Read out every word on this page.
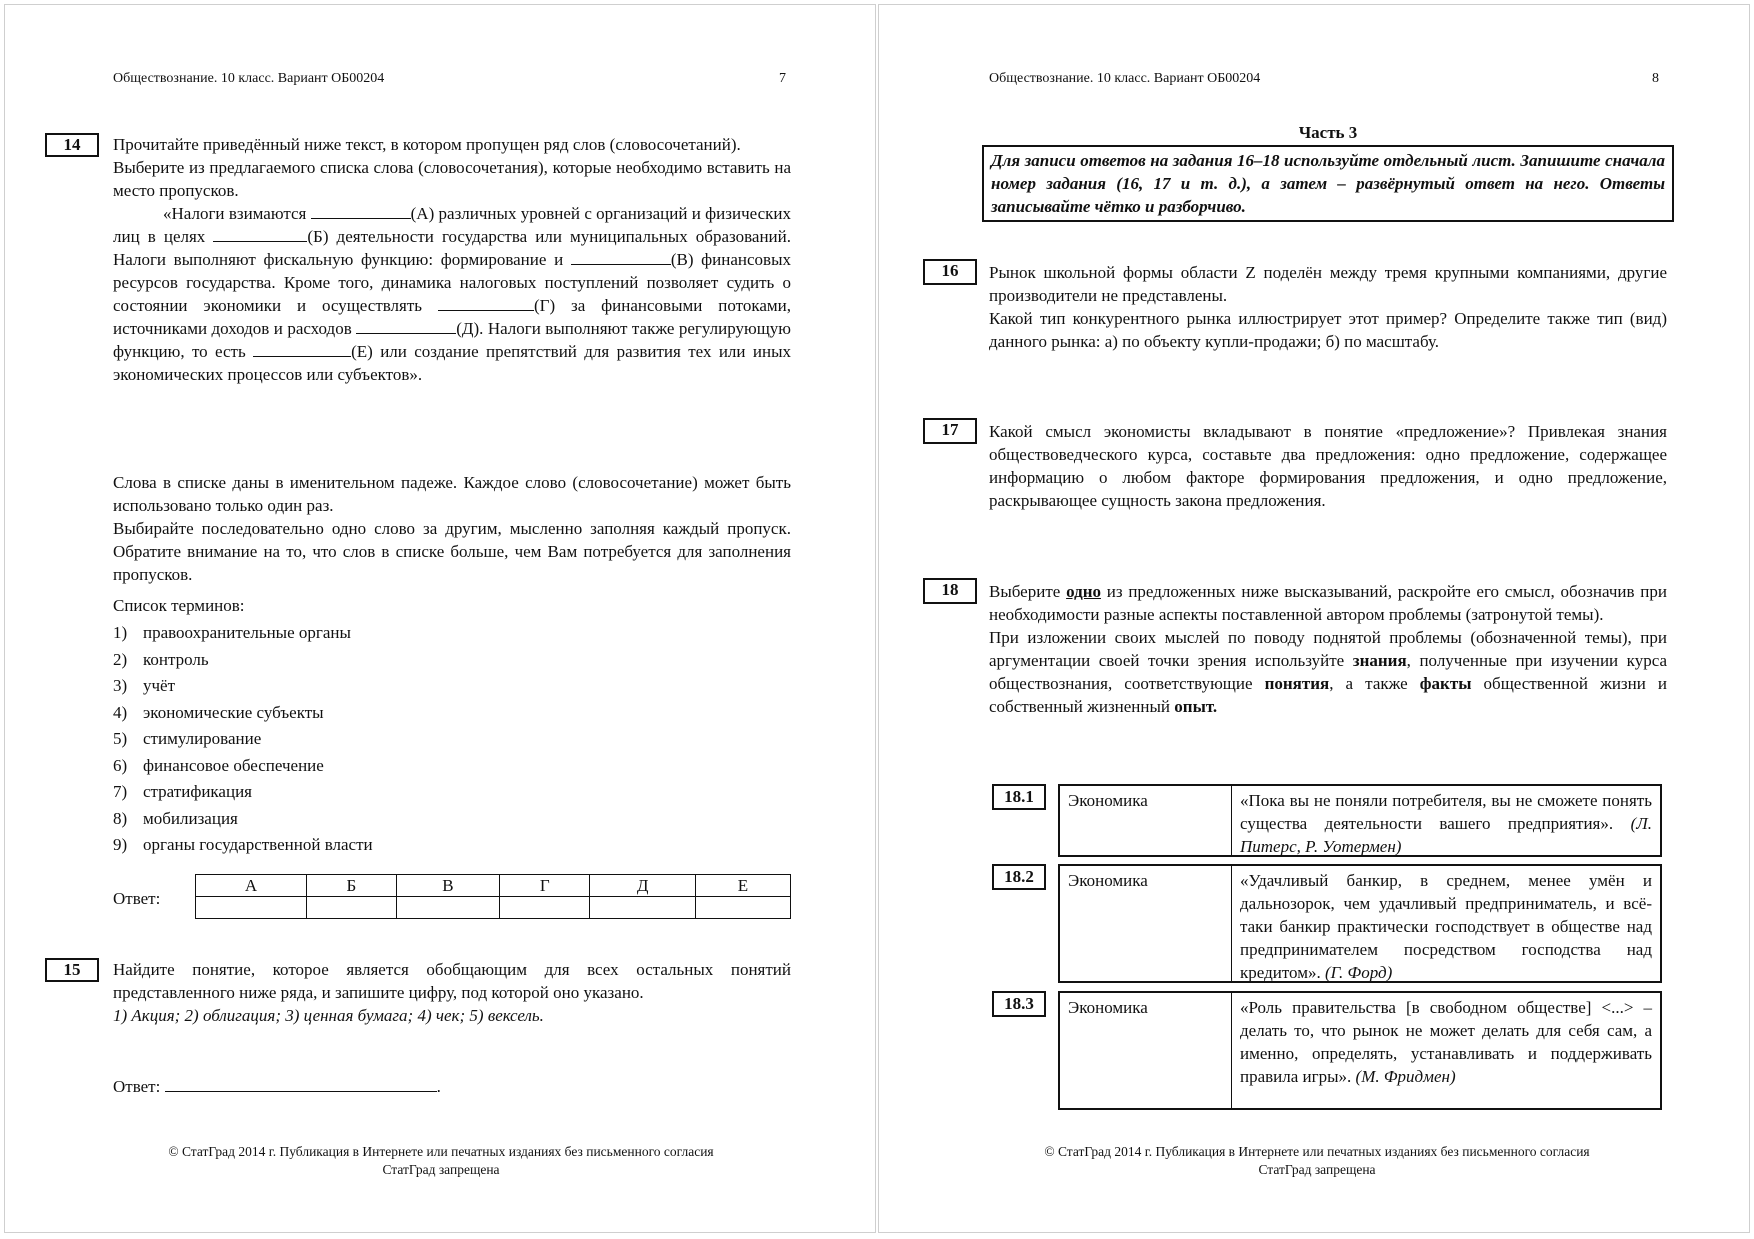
Обществознание. 10 класс. Вариант ОБ00204	7
14	Прочитайте приведённый ниже текст, в котором пропущен ряд слов (словосочетаний).

Выберите из предлагаемого списка слова (словосочетания), которые необходимо вставить на место пропусков.

«Налоги взимаются	(А) различных уровней с организаций и физических лиц в целях	(Б) деятельности государства или муниципальных образований. Налоги выполняют фискальную функцию: формирование и	(В) финансовых ресурсов государства. Кроме того, динамика налоговых поступлений позволяет судить о состоянии экономики и осуществлять	(Г) за финансовыми потоками, источниками доходов и расходов	(Д). Налоги выполняют также регулирующую функцию, то есть	(Е) или создание препятствий для развития тех или иных экономических процессов или субъектов».

Слова в списке даны в именительном падеже. Каждое слово (словосочетание) может быть использовано только один раз.

Выбирайте последовательно одно слово за другим, мысленно заполняя каждый пропуск. Обратите внимание на то, что слов в списке больше, чем Вам потребуется для заполнения пропусков.

Список терминов:
1) правоохранительные органы
2) контроль
3) учёт
4) экономические субъекты
5) стимулирование
6) финансовое обеспечение
7) стратификация
8) мобилизация
9) органы государственной власти
Ответ:
А	Б	В	Г	Д	Е

15	Найдите понятие, которое является обобщающим для всех остальных понятий представленного ниже ряда, и запишите цифру, под которой оно указано.

1) Акция; 2) облигация; 3) ценная бумага; 4) чек; 5) вексель.

Ответ:	.
© СтатГрад 2014 г. Публикация в Интернете или печатных изданиях без письменного согласия
СтатГрад запрещена
Обществознание. 10 класс. Вариант ОБ00204	8
Часть 3
Для записи ответов на задания 16–18 используйте отдельный лист. Запишите сначала номер задания (16, 17 и т. д.), а затем – развёрнутый ответ на него. Ответы записывайте чётко и разборчиво.
16	Рынок школьной формы области Z поделён между тремя крупными компаниями, другие производители не представлены.

Какой тип конкурентного рынка иллюстрирует этот пример? Определите также тип (вид) данного рынка: а) по объекту купли-продажи; б) по масштабу.

17	Какой смысл экономисты вкладывают в понятие «предложение»? Привлекая знания обществоведческого курса, составьте два предложения: одно предложение, содержащее информацию о любом факторе формирования предложения, и одно предложение, раскрывающее сущность закона предложения.
18	Выберите одно из предложенных ниже высказываний, раскройте его смысл, обозначив при необходимости разные аспекты поставленной автором проблемы (затронутой темы).

При изложении своих мыслей по поводу поднятой проблемы (обозначенной темы), при аргументации своей точки зрения используйте знания, полученные при изучении курса обществознания, соответствующие понятия, а также факты общественной жизни и собственный жизненный опыт.

18.1	Экономика	«Пока вы не поняли потребителя, вы не сможете понять существа деятельности вашего предприятия». (Л. Питерс, Р. Уотермен)
18.2	Экономика	«Удачливый банкир, в среднем, менее умён и дальнозорок, чем удачливый предприниматель, и всё-таки банкир практически господствует в обществе над предпринимателем посредством господства над кредитом». (Г. Форд)
18.3	Экономика	«Роль правительства [в свободном обществе] <...> – делать то, что рынок не может делать для себя сам, а именно, определять, устанавливать и поддерживать правила игры». (М. Фридмен)
© СтатГрад 2014 г. Публикация в Интернете или печатных изданиях без письменного согласия
СтатГрад запрещена
